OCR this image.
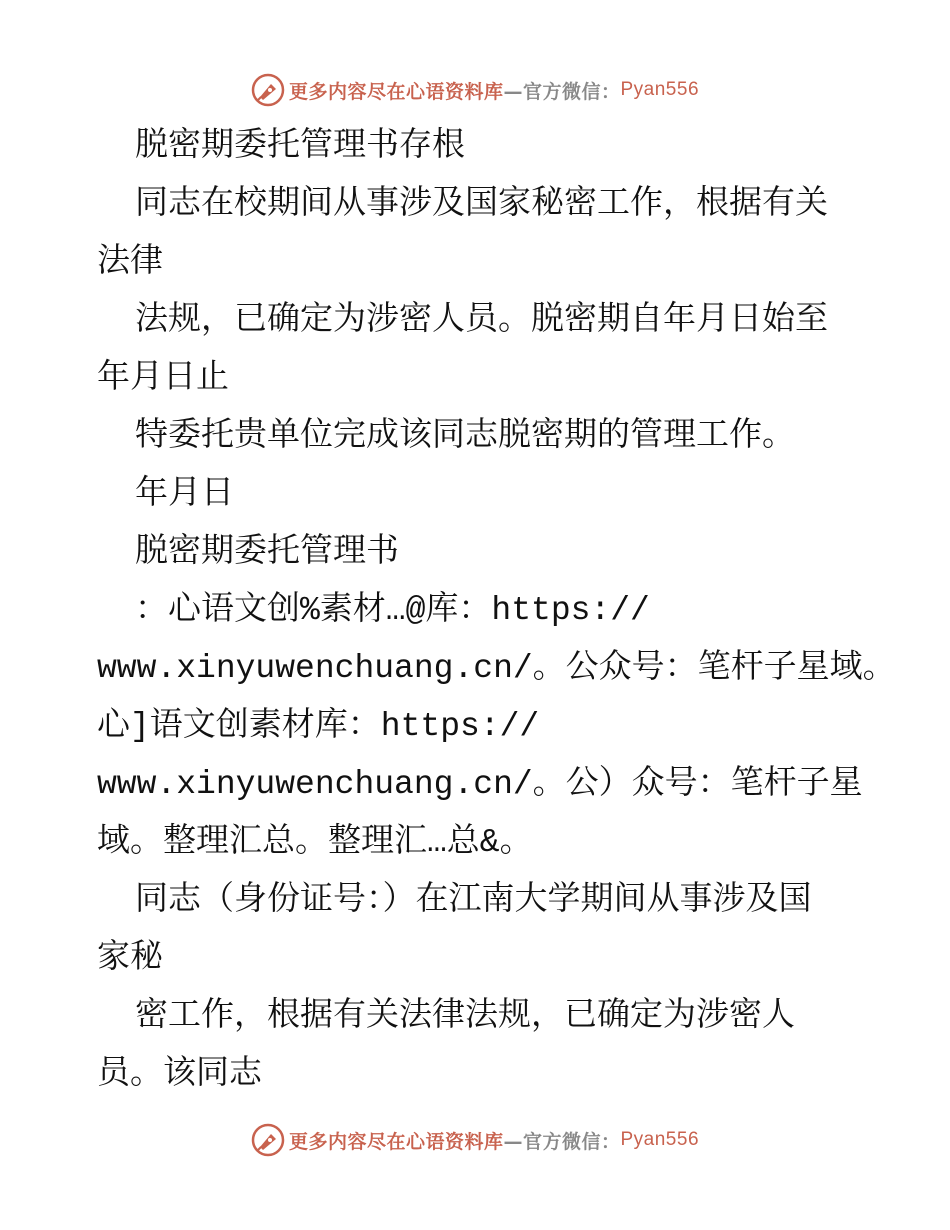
更多内容尽在心语资料库 —官方微信： Pyan556
脱密期委托管理书存根
同志在校期间从事涉及国家秘密工作，根据有关
法律
法规，已确定为涉密人员。脱密期自年月日始至
年月日止
特委托贵单位完成该同志脱密期的管理工作。
年月日
脱密期委托管理书
：心语文创%素材…@库：https://
www.xinyuwenchuang.cn/。公众号：笔杆子星域。
心]语文创素材库：https://
www.xinyuwenchuang.cn/。公）众号：笔杆子星
域。整理汇总。整理汇…总&。
同志（身份证号：）在江南大学期间从事涉及国
家秘
密工作，根据有关法律法规，已确定为涉密人
员。该同志
更多内容尽在心语资料库 —官方微信： Pyan556
